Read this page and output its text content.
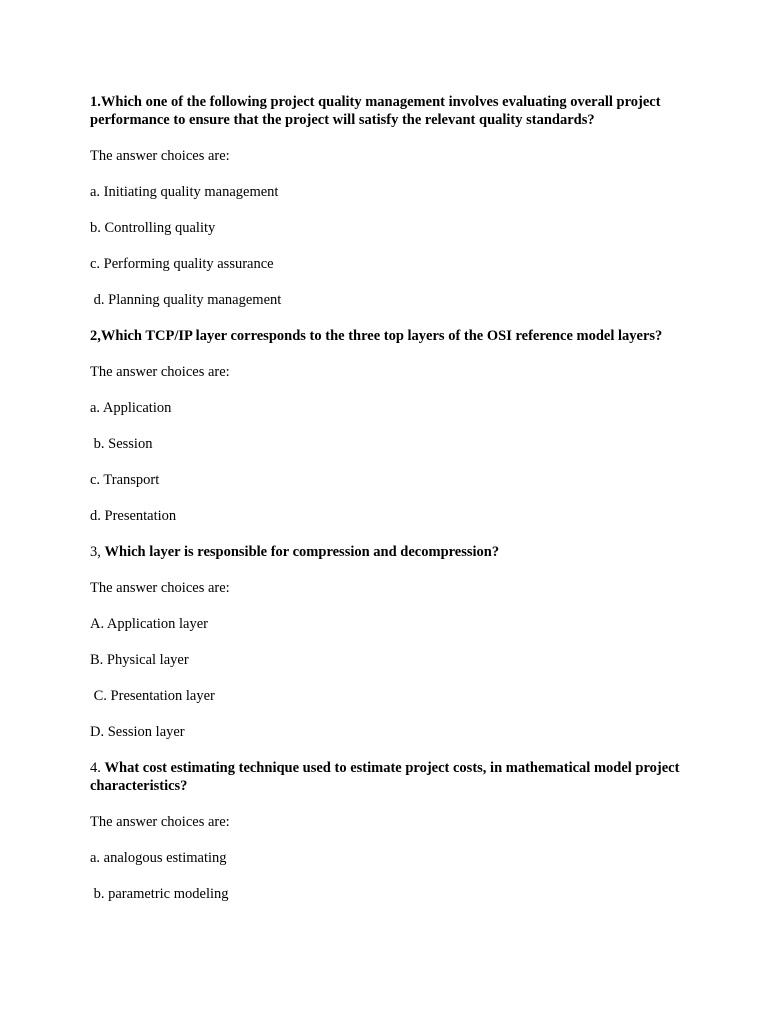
1.Which one of the following project quality management involves evaluating overall project performance to ensure that the project will satisfy the relevant quality standards?
The answer choices are:
a. Initiating quality management
b. Controlling quality
c. Performing quality assurance
d. Planning quality management
2,Which TCP/IP layer corresponds to the three top layers of the OSI reference model layers?
The answer choices are:
a. Application
b. Session
c. Transport
d. Presentation
3, Which layer is responsible for compression and decompression?
The answer choices are:
A. Application layer
B. Physical layer
C. Presentation layer
D. Session layer
4. What cost estimating technique used to estimate project costs, in mathematical model project characteristics?
The answer choices are:
a. analogous estimating
b. parametric modeling
